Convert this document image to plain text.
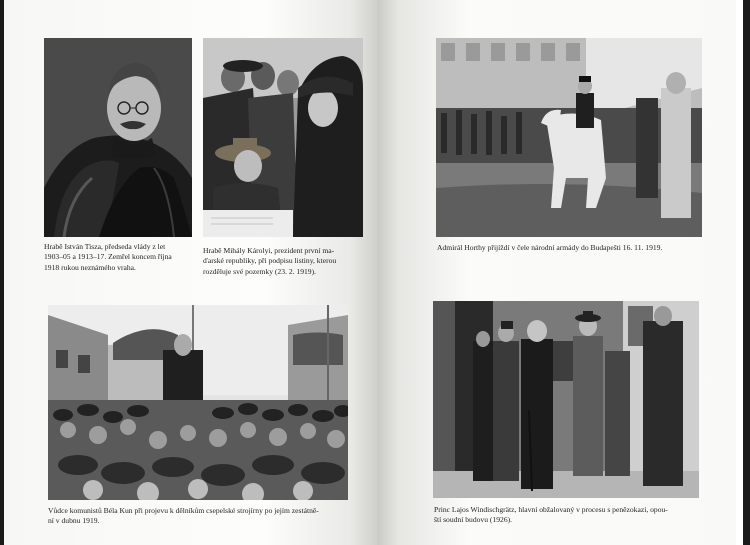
Hrabě István Tisza, předseda vlády z let
1903–05 a 1913–17. Zemřel koncem října
1918 rukou neznámého vraha.
Hrabě Mihály Károlyi, prezident první ma-
ďarské republiky, při podpisu listiny, kterou
rozděluje své pozemky (23. 2. 1919).
Vůdce komunistů Béla Kun při projevu k dělníkům csepelské strojírny po jejím zestátně-
ní v dubnu 1919.
Admirál Horthy přijíždí v čele národní armády do Budapešti 16. 11. 1919.
Princ Lajos Windischgrätz, hlavní obžalovaný v procesu s penězokazi, opou-
ští soudní budovu (1926).
